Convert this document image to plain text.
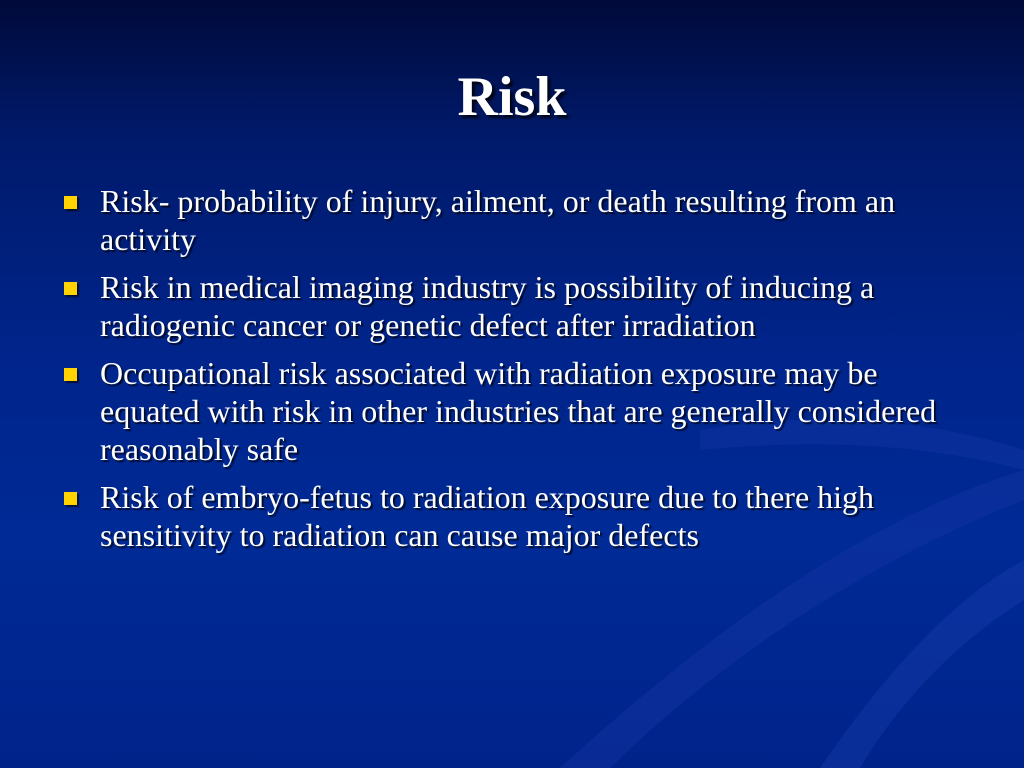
Risk
Risk- probability of injury, ailment, or death resulting from an activity
Risk in medical imaging industry is possibility of inducing a radiogenic cancer or genetic defect after irradiation
Occupational risk associated with radiation exposure may be equated with risk in other industries that are generally considered reasonably safe
Risk of embryo-fetus to radiation exposure due to there high sensitivity to radiation can cause major defects
